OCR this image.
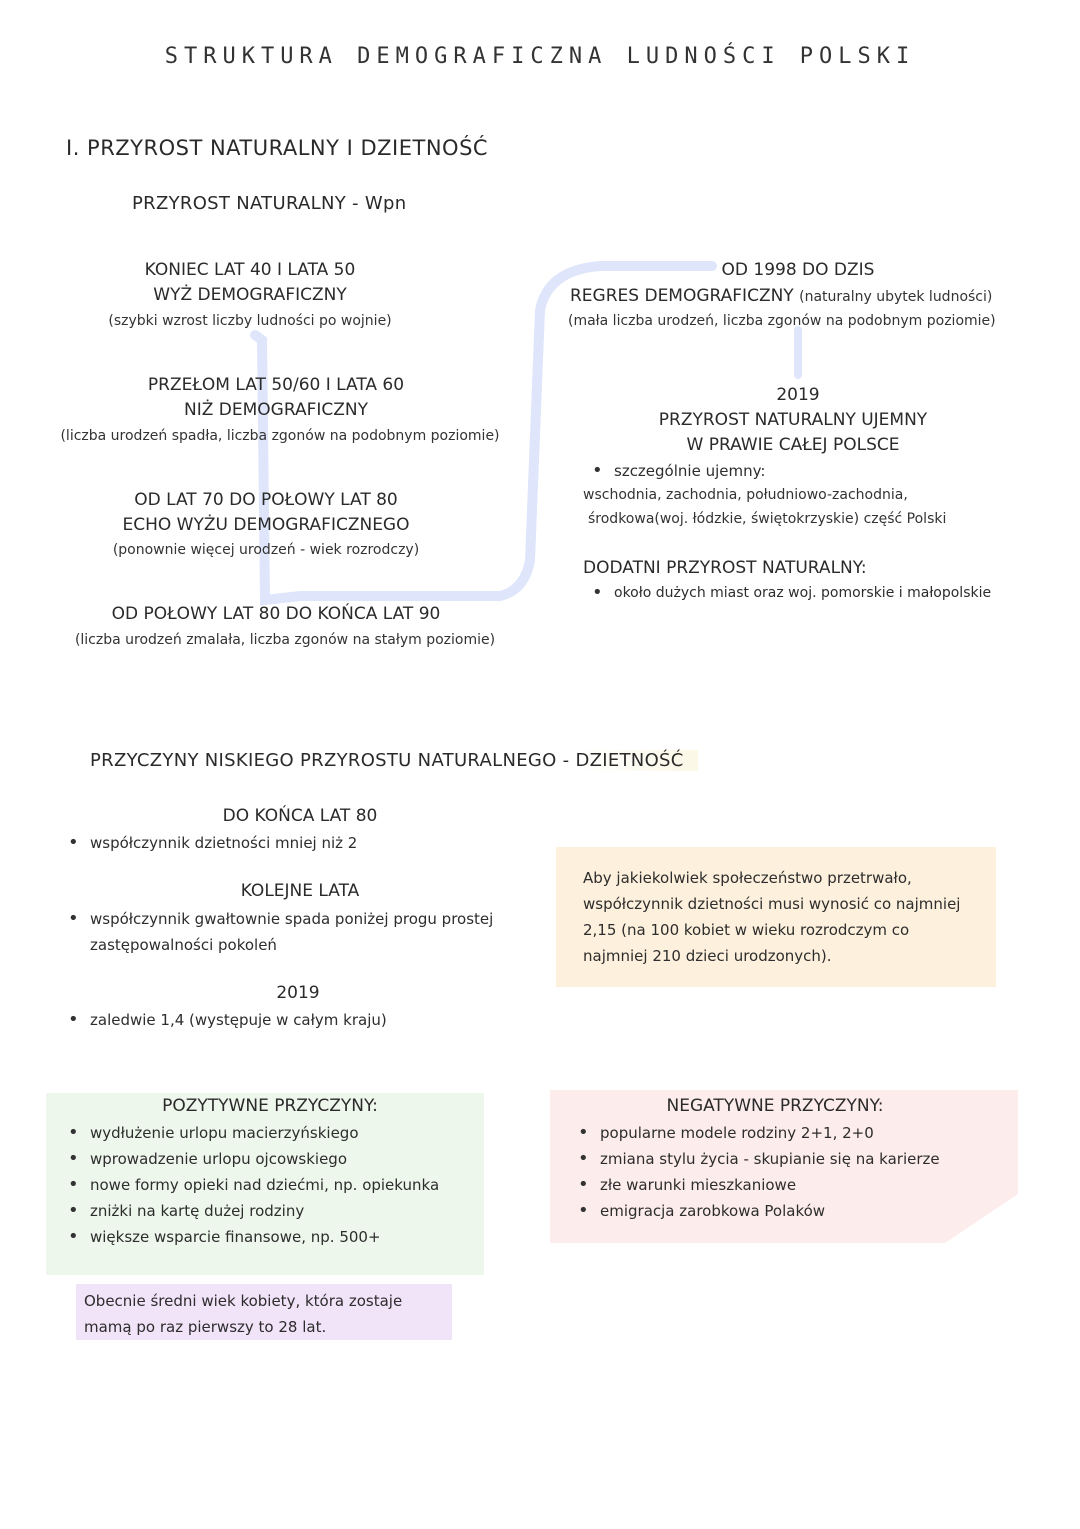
STRUKTURA DEMOGRAFICZNA LUDNOŚCI POLSKI
I. PRZYROST NATURALNY I DZIETNOŚĆ
PRZYROST NATURALNY - Wpn
KONIEC LAT 40 I LATA 50
WYŻ DEMOGRAFICZNY
(szybki wzrost liczby ludności po wojnie)
PRZEŁOM LAT 50/60 I LATA 60
NIŻ DEMOGRAFICZNY
(liczba urodzeń spadła, liczba zgonów na podobnym poziomie)
OD LAT 70 DO POŁOWY LAT 80
ECHO WYŻU DEMOGRAFICZNEGO
(ponownie więcej urodzeń - wiek rozrodczy)
OD POŁOWY LAT 80 DO KOŃCA LAT 90
(liczba urodzeń zmalała, liczba zgonów na stałym poziomie)
OD 1998 DO DZIS
REGRES DEMOGRAFICZNY (naturalny ubytek ludności)
(mała liczba urodzeń, liczba zgonów na podobnym poziomie)
2019
PRZYROST NATURALNY UJEMNY
W PRAWIE CAŁEJ POLSCE
• szczególnie ujemny:
wschodnia, zachodnia, południowo-zachodnia,
środkowa(woj. łódzkie, świętokrzyskie) część Polski
DODATNI PRZYROST NATURALNY:
• około dużych miast oraz woj. pomorskie i małopolskie
PRZYCZYNY NISKIEGO PRZYROSTU NATURALNEGO - DZIETNOŚĆ
DO KOŃCA LAT 80
• współczynnik dzietności mniej niż 2
KOLEJNE LATA
• współczynnik gwałtownie spada poniżej progu prostej
zastępowalności pokoleń
2019
• zaledwie 1,4 (występuje w całym kraju)
Aby jakiekolwiek społeczeństwo przetrwało,
współczynnik dzietności musi wynosić co najmniej
2,15 (na 100 kobiet w wieku rozrodczym co
najmniej 210 dzieci urodzonych).
POZYTYWNE PRZYCZYNY:
• wydłużenie urlopu macierzyńskiego
• wprowadzenie urlopu ojcowskiego
• nowe formy opieki nad dziećmi, np. opiekunka
• zniżki na kartę dużej rodziny
• większe wsparcie finansowe, np. 500+
NEGATYWNE PRZYCZYNY:
• popularne modele rodziny 2+1, 2+0
• zmiana stylu życia - skupianie się na karierze
• złe warunki mieszkaniowe
• emigracja zarobkowa Polaków
Obecnie średni wiek kobiety, która zostaje
mamą po raz pierwszy to 28 lat.
